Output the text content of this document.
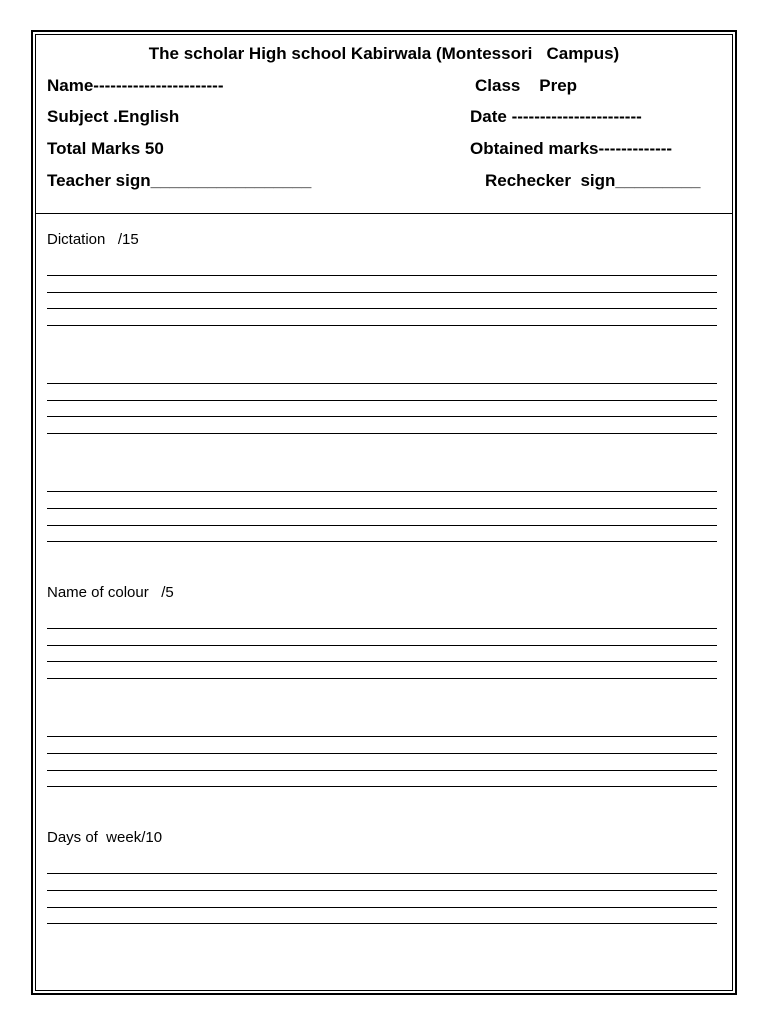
The scholar High school Kabirwala (Montessori   Campus)
Name-----------------------	Class    Prep
Subject .English	Date -----------------------
Total Marks 50	Obtained marks-------------
Teacher sign_________________	Rechecker  sign_________
Dictation   /15
Name of colour   /5
Days of  week/10
